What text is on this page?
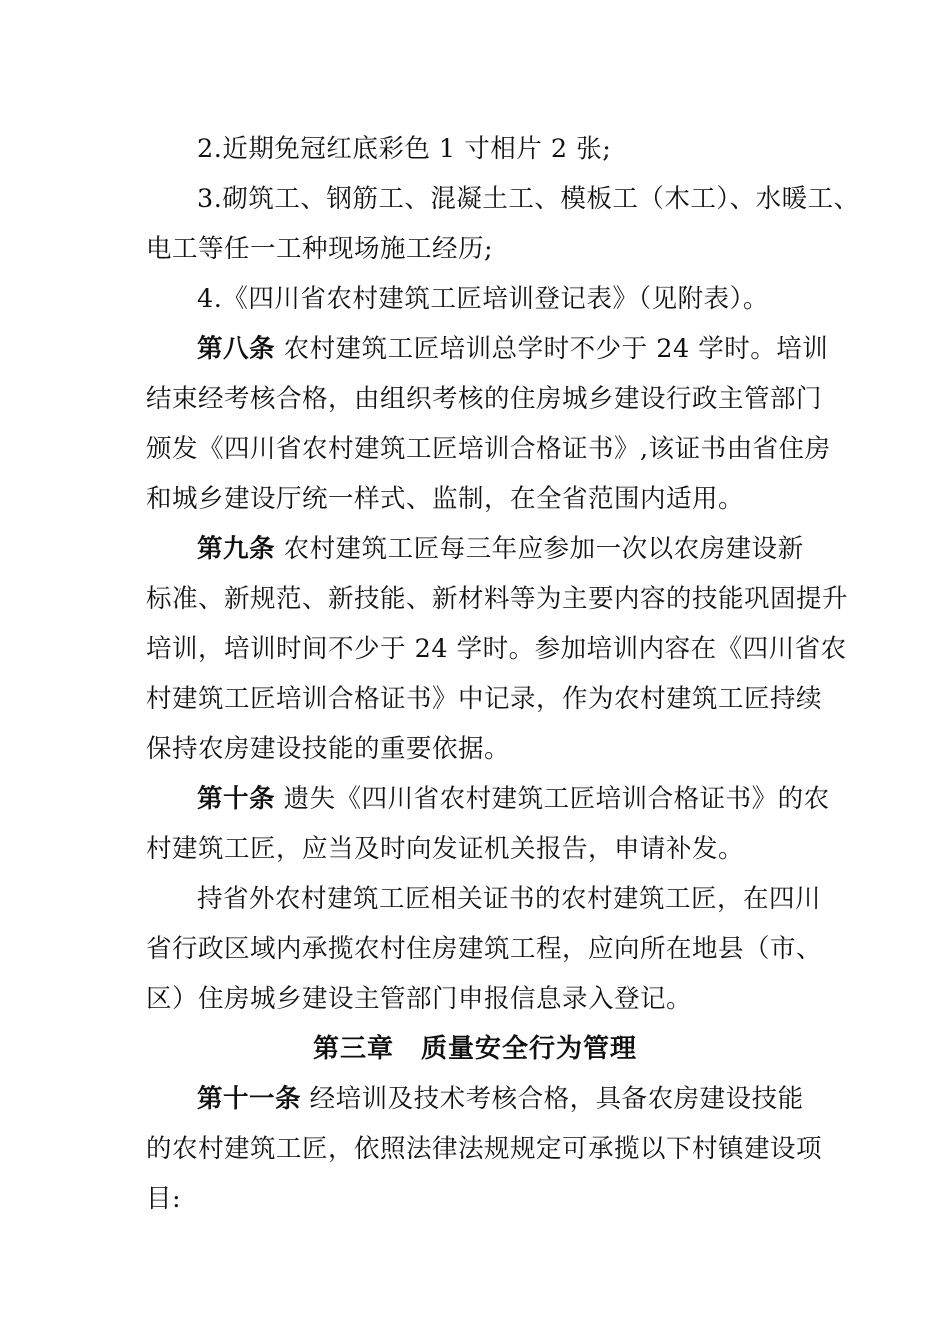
2.近期免冠红底彩色 1 寸相片 2 张;
3.砌筑工、钢筋工、混凝土工、模板工（木工）、水暖工、
电工等任一工种现场施工经历;
4.《四川省农村建筑工匠培训登记表》（见附表）。
第八条 农村建筑工匠培训总学时不少于 24 学时。培训
结束经考核合格，由组织考核的住房城乡建设行政主管部门
颁发《四川省农村建筑工匠培训合格证书》,该证书由省住房
和城乡建设厅统一样式、监制，在全省范围内适用。
第九条 农村建筑工匠每三年应参加一次以农房建设新
标准、新规范、新技能、新材料等为主要内容的技能巩固提升
培训，培训时间不少于 24 学时。参加培训内容在《四川省农
村建筑工匠培训合格证书》中记录，作为农村建筑工匠持续
保持农房建设技能的重要依据。
第十条 遗失《四川省农村建筑工匠培训合格证书》的农
村建筑工匠，应当及时向发证机关报告，申请补发。
持省外农村建筑工匠相关证书的农村建筑工匠，在四川
省行政区域内承揽农村住房建筑工程，应向所在地县（市、
区）住房城乡建设主管部门申报信息录入登记。
第三章　质量安全行为管理
第十一条 经培训及技术考核合格，具备农房建设技能
的农村建筑工匠，依照法律法规规定可承揽以下村镇建设项
目:
